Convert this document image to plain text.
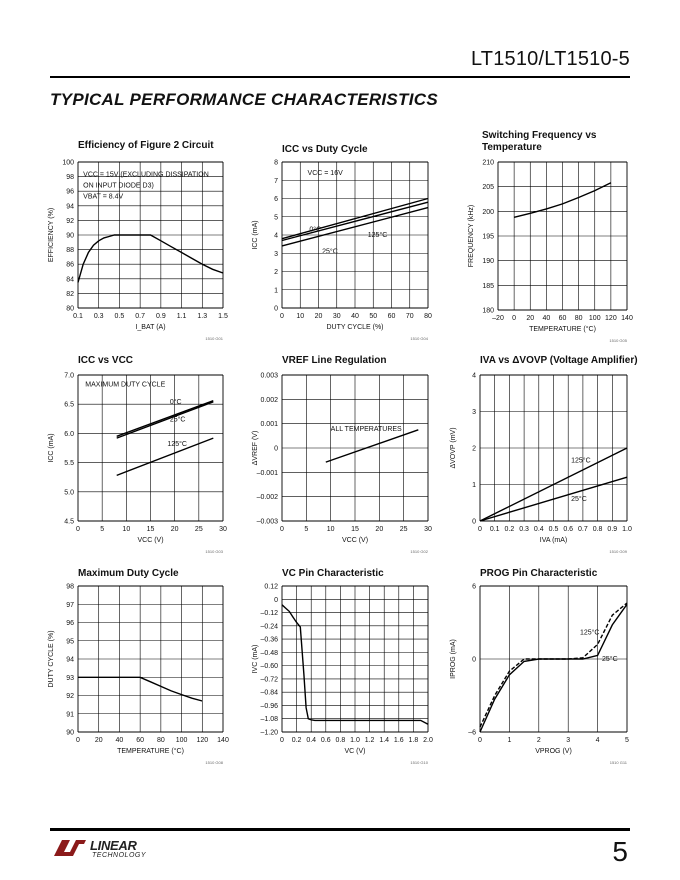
LT1510/LT1510-5
TYPICAL PERFORMANCE CHARACTERISTICS
Efficiency of Figure 2 Circuit
0.1 0.3 0.5 0.7 0.9 1.1 1.3 1.5
80
82
84
86
88
90
92
94
96
98
100
I_BAT (A)
EFFICIENCY (%)
VCC = 15V (EXCLUDING DISSIPATION
ON INPUT DIODE D3)
VBAT = 8.4V
1510 G01
ICC vs Duty Cycle
0 10 20 30 40 50 60 70 80
0
1
2
3
4
5
6
7
8
DUTY CYCLE (%)
ICC (mA)
VCC = 16V
0°C
25°C
125°C
1510 G04
Switching Frequency vs
Temperature
–20 0 20 40 60 80 100 120 140
180
185
190
195
200
205
210
TEMPERATURE (°C)
FREQUENCY (kHz)
1510 G05
ICC vs VCC
0	5	10 15 20 25 30
4.5
5.0
5.5
6.0
6.5
7.0
VCC (V)
ICC (mA)
MAXIMUM DUTY CYCLE
0°C
25°C
125°C
1510 G03
VREF Line Regulation
0	5	10 15 20 25 30
–0.003
–0.002
–0.001
0
0.001
0.002
0.003
VCC (V)
ΔVREF (V)
ALL TEMPERATURES
1510 G02
IVA vs ΔVOVP (Voltage Amplifier)
0 0.1 0.2 0.3 0.4 0.5 0.6 0.7 0.8 0.9 1.0
0
1
2
3
4
IVA (mA)
ΔVOVP (mV)	125°C
25°C
1510 G09
Maximum Duty Cycle
0 20 40 60 80 100 120 140
90
91
92
93
94
95
96
97
98
TEMPERATURE (°C)
DUTY CYCLE (%)
1510 G08
VC Pin Characteristic
0 0.2 0.4 0.6 0.8 1.0 1.2 1.4 1.6 1.8 2.0
–1.20
–1.08
–0.96
–0.84
–0.72
–0.60
–0.48
–0.36
–0.24
–0.12
0
0.12
VC (V)
IVC (mA)
1510 G10
PROG Pin Characteristic
0	1	2	3	4	5
–6
0
6
VPROG (V)
IPROG (mA)
125°C
25°C
1510 G11
LINEAR
TECHNOLOGY	5
